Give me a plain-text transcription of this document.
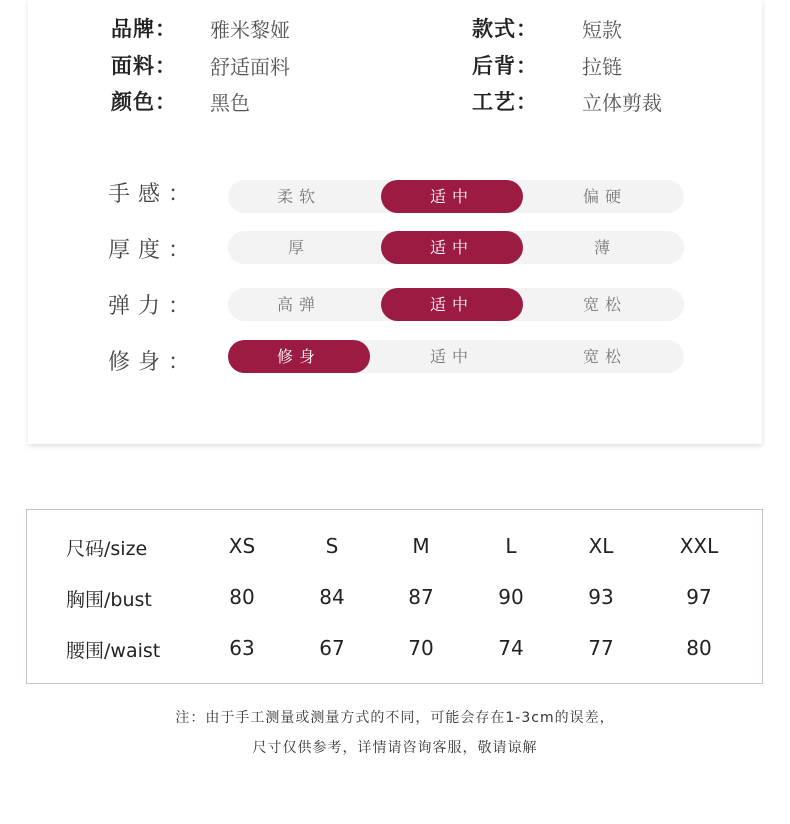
品牌： 雅米黎娅
面料： 舒适面料
颜色： 黑色
款式： 短款
后背： 拉链
工艺： 立体剪裁
手感：	柔软	适中	偏硬
厚度：	厚	适中	薄
弹力：	高弹	适中	宽松
修身：	修身	适中	宽松
尺码/size	XS	S	M	L	XL	XXL
胸围/bust	80	84	87	90	93	97
腰围/waist	63	67	70	74	77	80
注：由于手工测量或测量方式的不同，可能会存在1-3cm的误差，
尺寸仅供参考，详情请咨询客服，敬请谅解
